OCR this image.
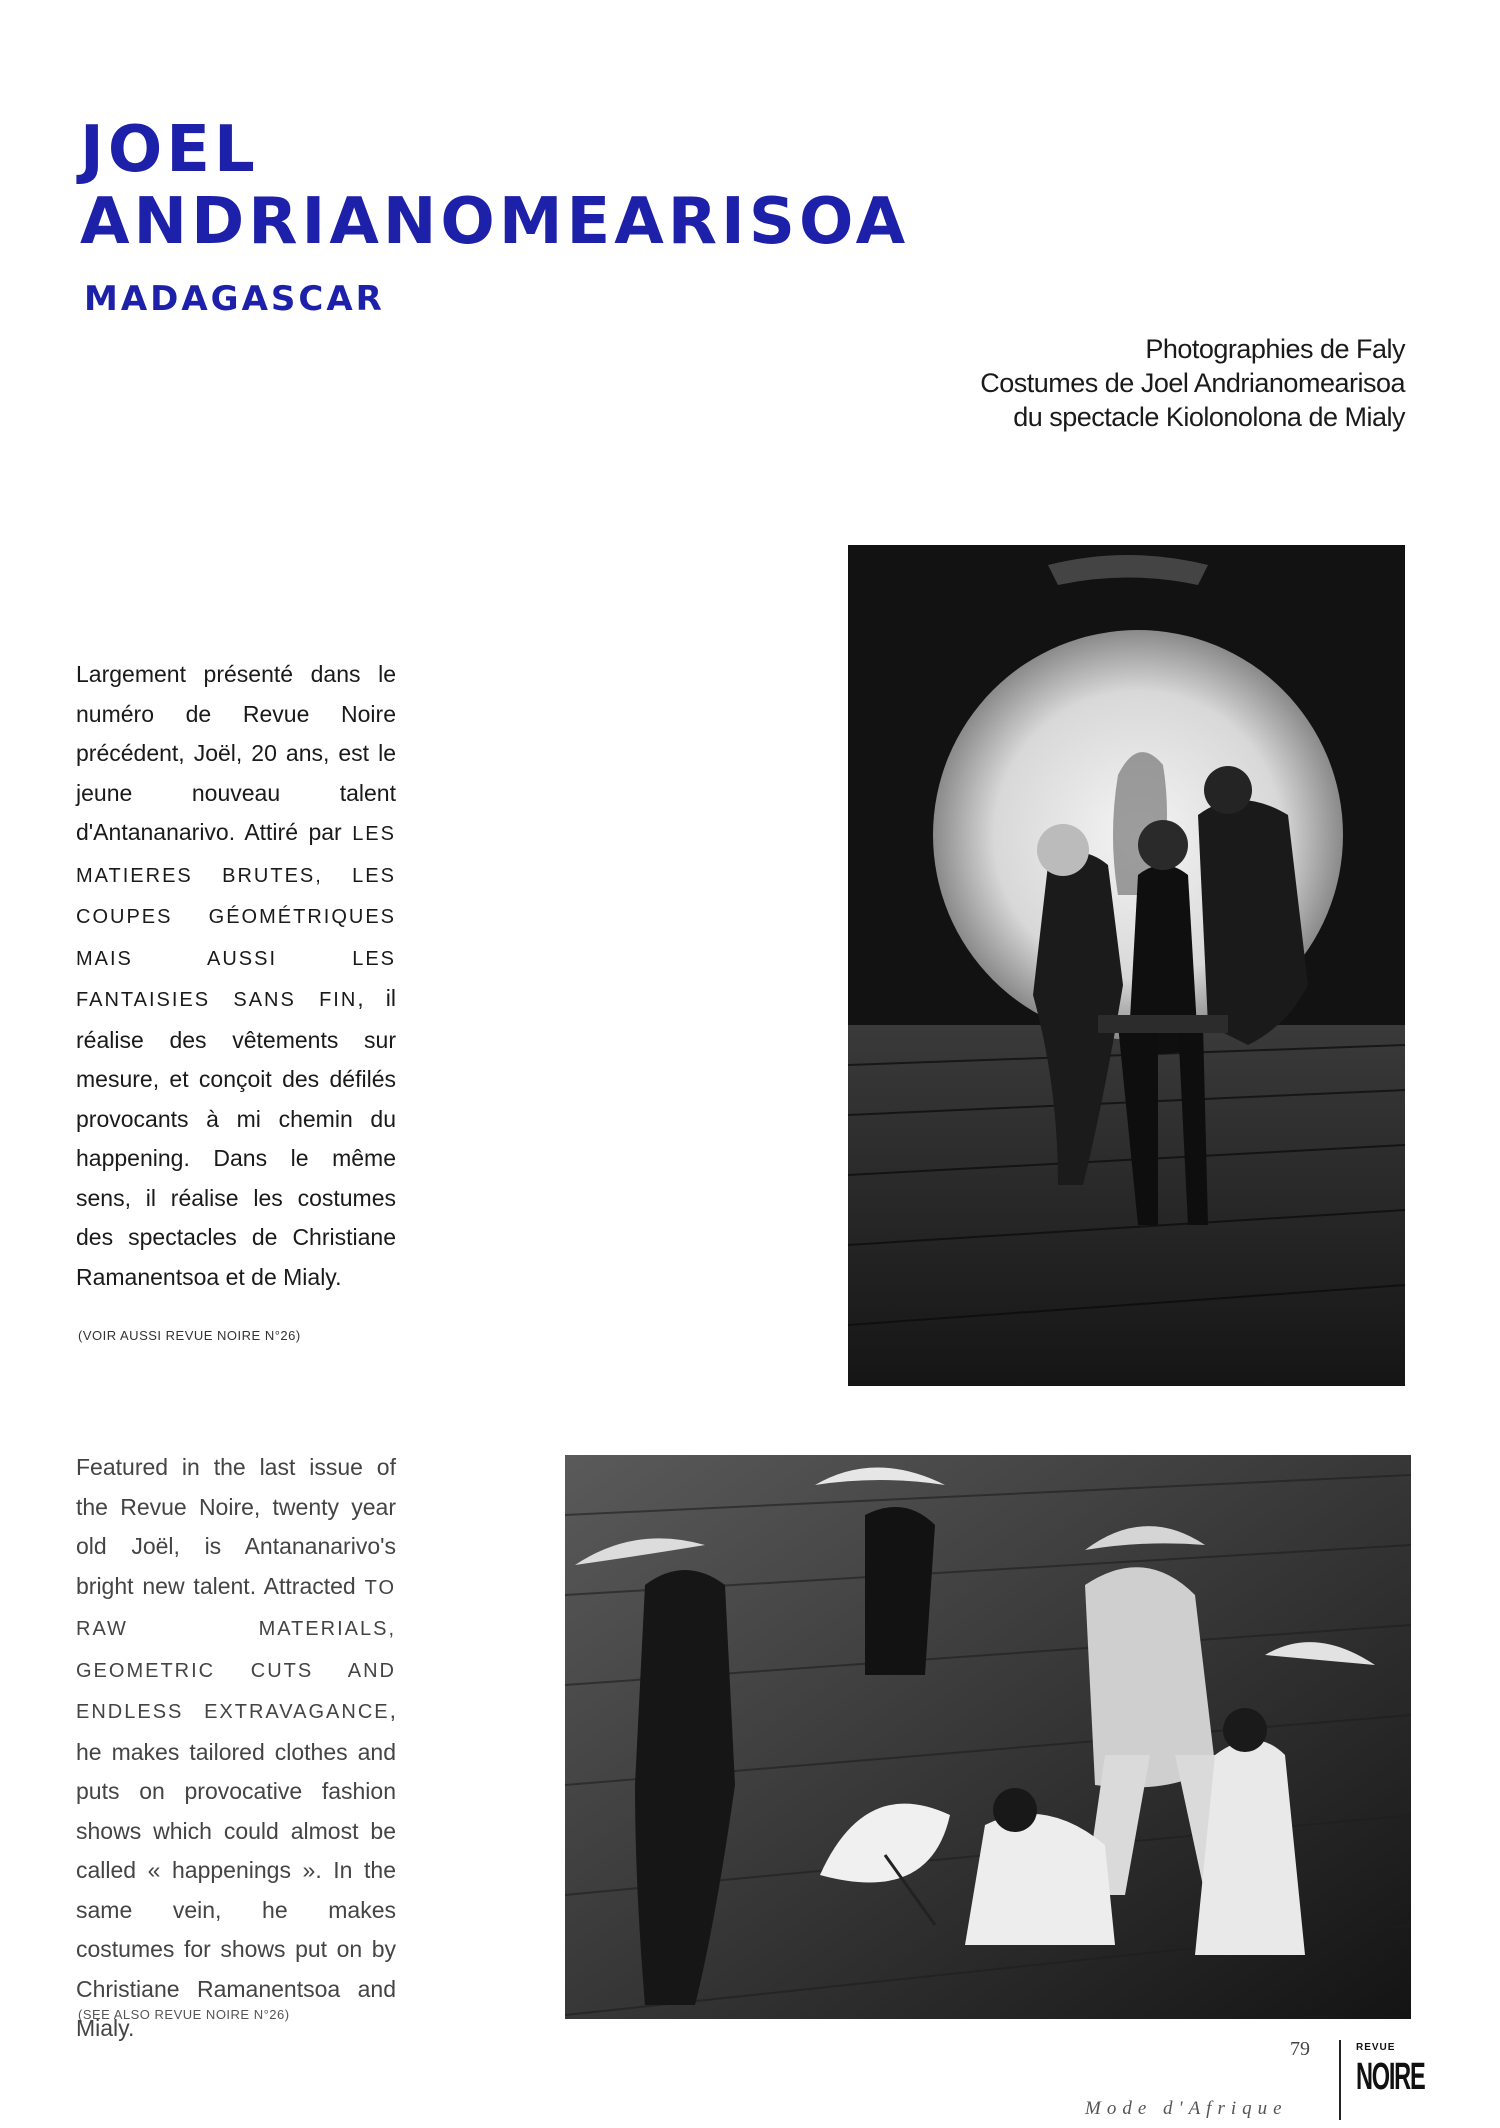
JOEL
ANDRIANOMEARISOA
MADAGASCAR
Photographies de Faly
Costumes de Joel Andrianomearisoa
du spectacle Kiolonolona de Mialy
Largement présenté dans le numéro de Revue Noire précédent, Joël, 20 ans, est le jeune nouveau talent d'Antananarivo. Attiré par LES MATIERES BRUTES, LES COUPES GÉOMÉTRIQUES MAIS AUSSI LES FANTAISIES SANS FIN, il réalise des vêtements sur mesure, et conçoit des défilés provocants à mi chemin du happening. Dans le même sens, il réalise les costumes des spectacles de Christiane Ramanentsoa et de Mialy.
(VOIR AUSSI REVUE NOIRE N°26)
Featured in the last issue of the Revue Noire, twenty year old Joël, is Antananarivo's bright new talent. Attracted TO RAW MATERIALS, GEOMETRIC CUTS AND ENDLESS EXTRAVAGANCE, he makes tailored clothes and puts on provocative fashion shows which could almost be called « happenings ». In the same vein, he makes costumes for shows put on by Christiane Ramanentsoa and Mialy.
(SEE ALSO REVUE NOIRE N°26)
79
Mode d'Afrique
REVUE
NOIRE
